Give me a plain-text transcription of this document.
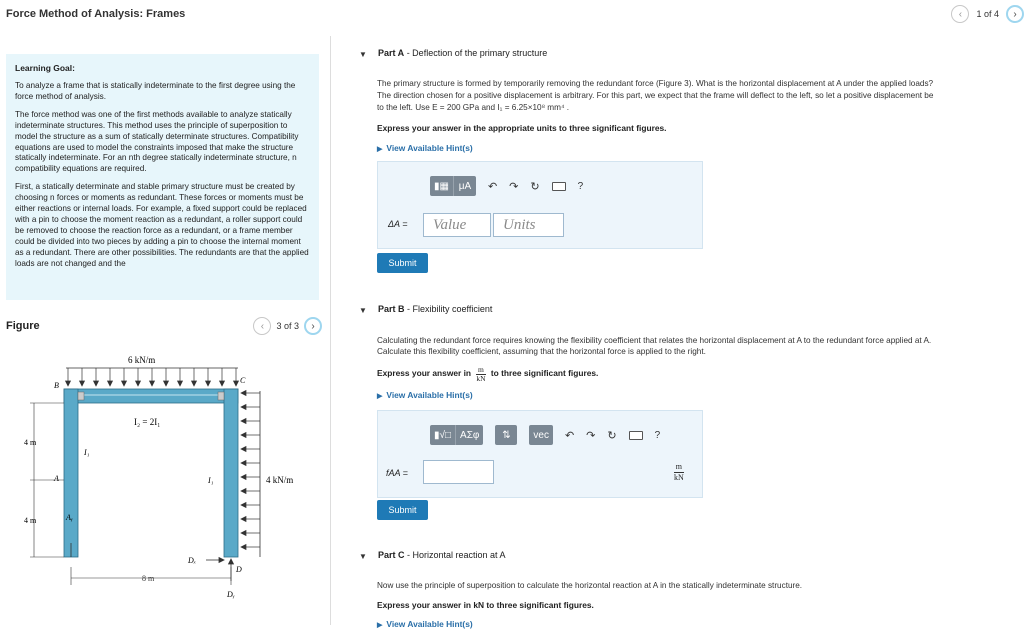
Force Method of Analysis: Frames	‹ 1 of 4 ›
Learning Goal:
To analyze a frame that is statically indeterminate to the first degree using the force method of analysis.
The force method was one of the first methods available to analyze statically indeterminate structures. This method uses the principle of superposition to model the structure as a sum of statically determinate structures. Compatibility equations are used to model the constraints imposed that make the structure statically indeterminate. For an nth degree statically indeterminate structure, n compatibility equations are required.
First, a statically determinate and stable primary structure must be created by choosing n forces or moments as redundant. These forces or moments must be either reactions or internal loads. For example, a fixed support could be replaced with a pin to choose the moment reaction as a redundant, a roller support could be removed to choose the reaction force as a redundant, or a frame member could be divided into two pieces by adding a pin to choose the internal moment as a redundant. There are other possibilities. The redundants are that the applied loads are not changed and the
Figure	‹ 3 of 3 ›
6 kN/m
I₂ = 2I₁
I₁
I₁
B
C
A
D
4 kN/m
Aᵧ
Dₓ
Dᵧ
4 m
4 m
8 m
▼ Part A - Deflection of the primary structure
The primary structure is formed by temporarily removing the redundant force (Figure 3). What is the horizontal displacement at A under the applied loads?
The direction chosen for a positive displacement is arbitrary. For this part, we expect that the frame will deflect to the left, so let a positive displacement be
to the left. Use E = 200 GPa and I₁ = 6.25×10⁸ mm⁴ .
Express your answer in the appropriate units to three significant figures.
▶ View Available Hint(s)
▮▦ μA ↶ ↷ ↻	?
ΔA =	Value	Units
Submit
▼ Part B - Flexibility coefficient
Calculating the redundant force requires knowing the flexibility coefficient that relates the horizontal displacement at A to the redundant force applied at A.
Calculate this flexibility coefficient, assuming that the horizontal force is applied to the right.
Express your answer in $\frac{m}{kN}$ to three significant figures.
▶ View Available Hint(s)
▮ √□ ΑΣφ ⇅ vec ↶ ↷ ↻	?
fAA =	$\frac{m}{kN}$
Submit
▼ Part C - Horizontal reaction at A
Now use the principle of superposition to calculate the horizontal reaction at A in the statically indeterminate structure.
Express your answer in kN to three significant figures.
▶ View Available Hint(s)
